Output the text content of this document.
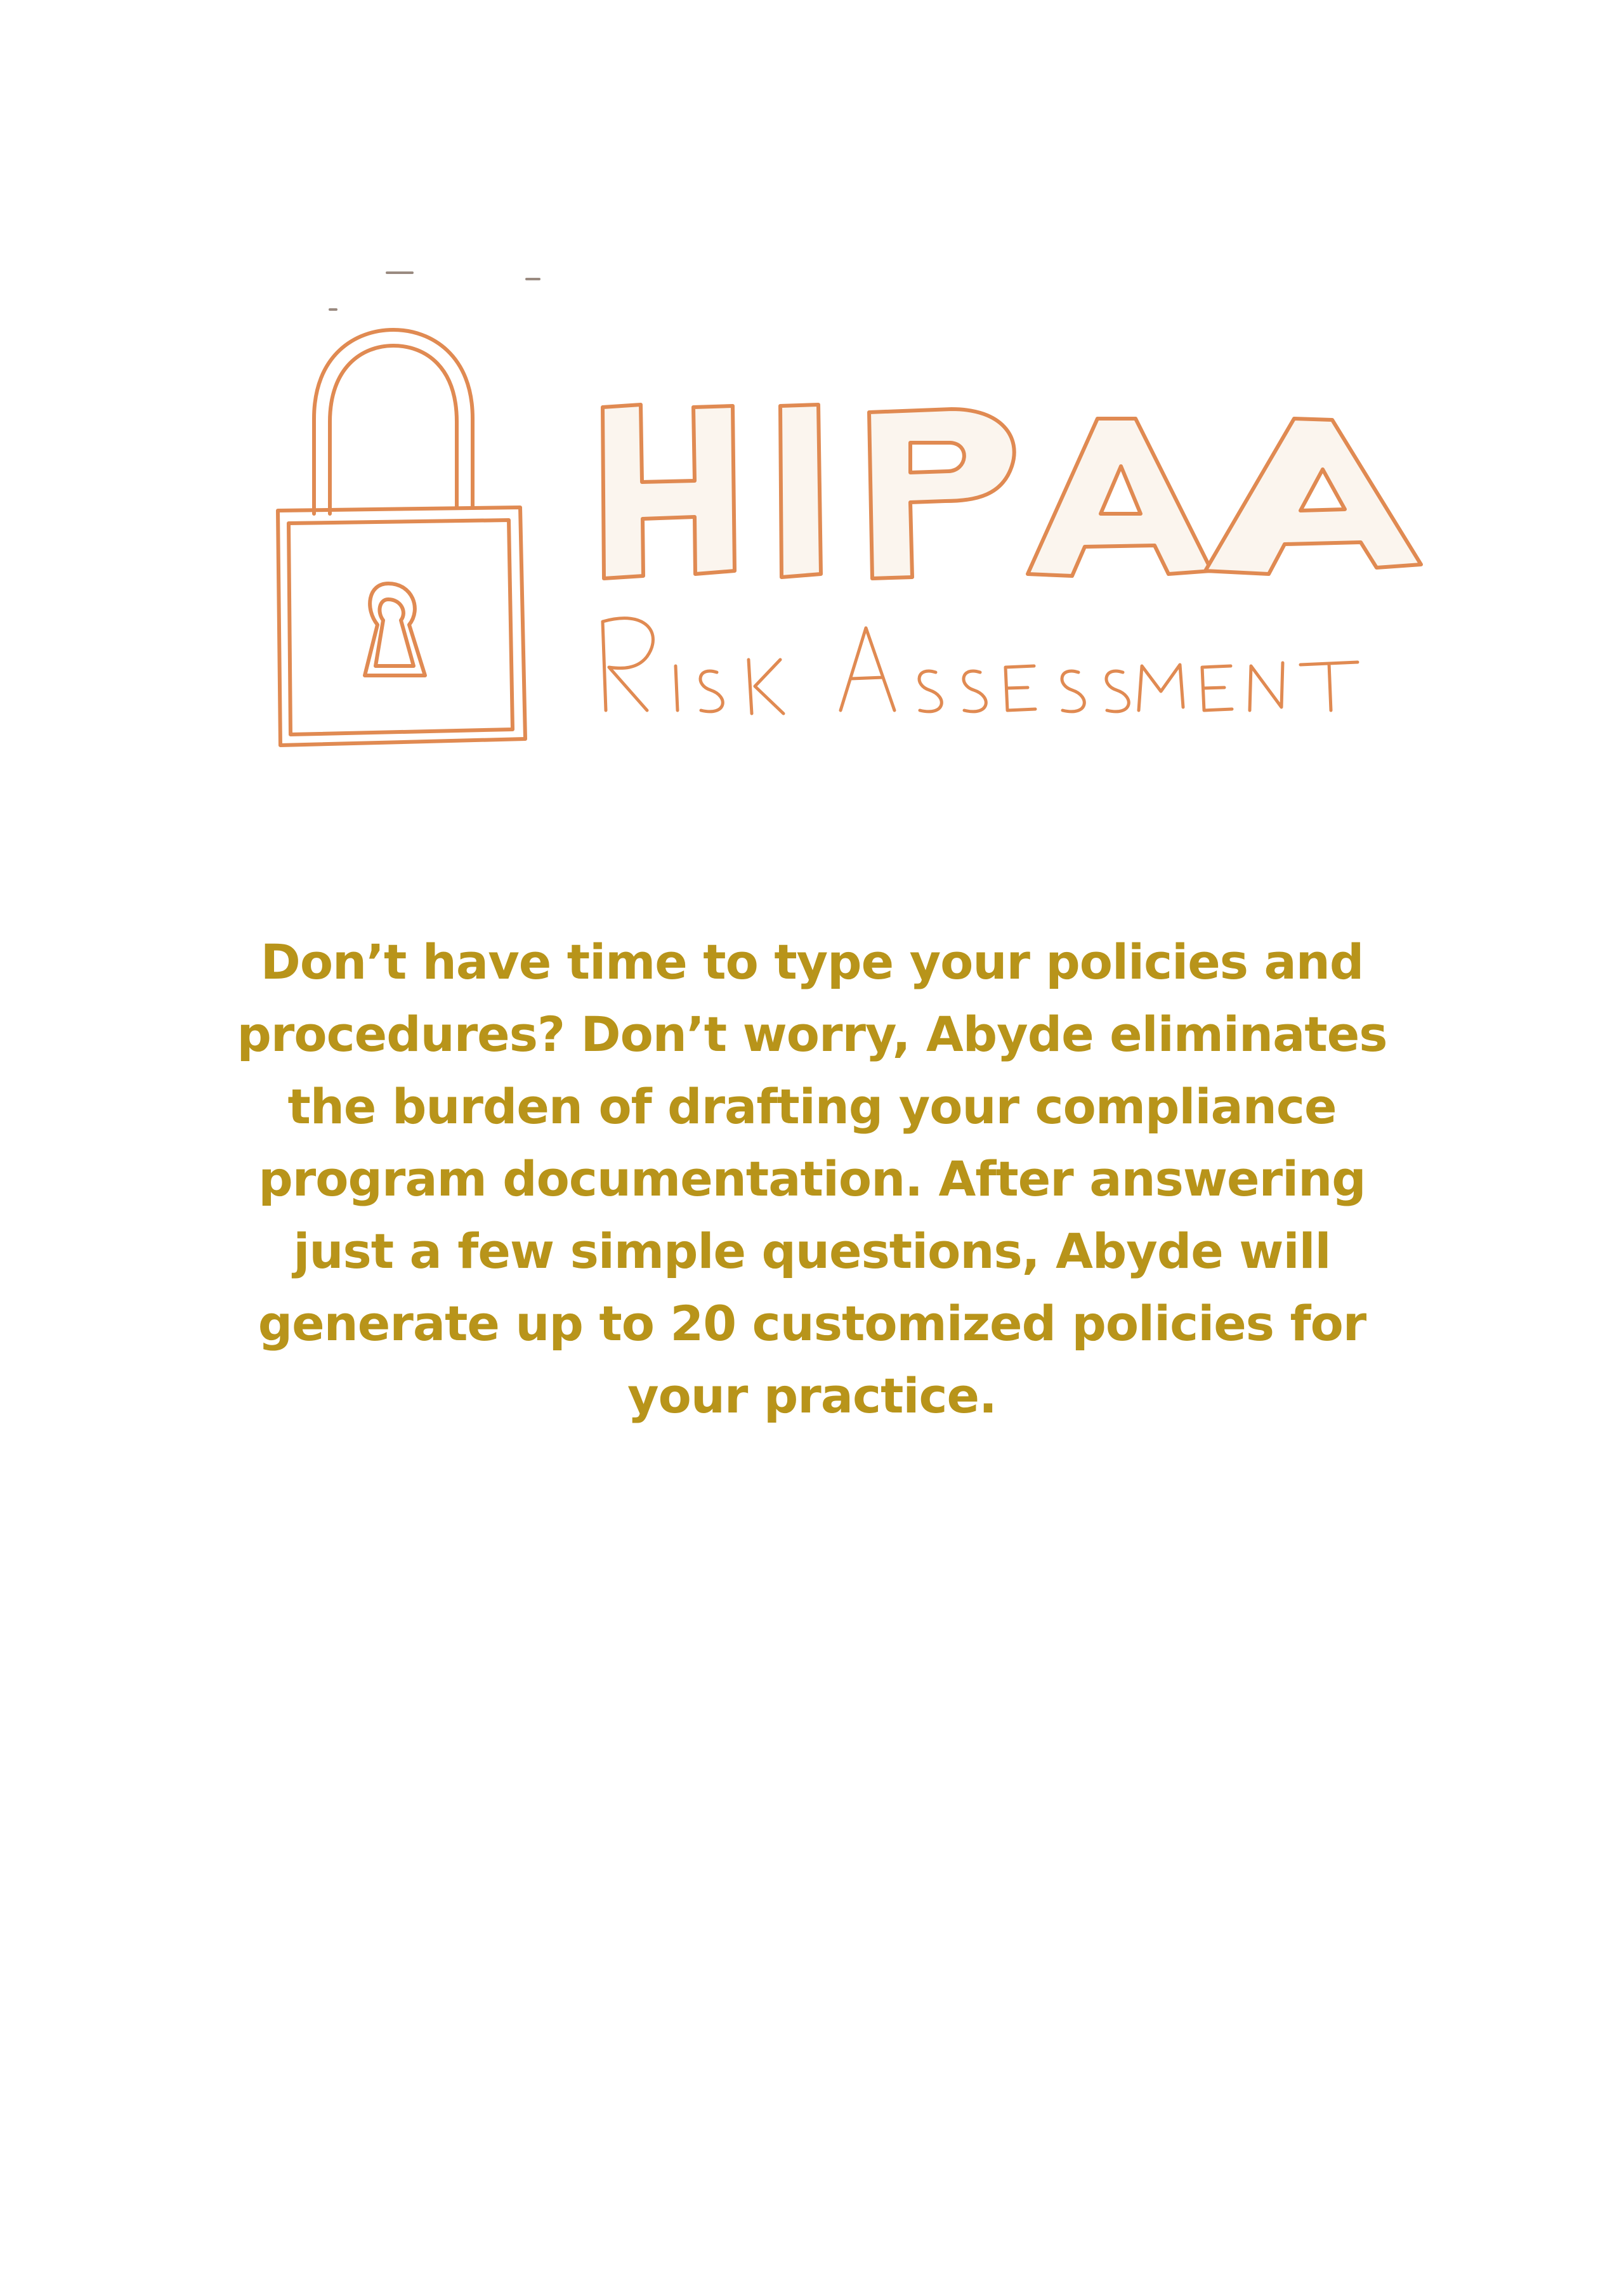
Don’t have time to type your policies and
procedures? Don’t worry, Abyde eliminates
the burden of drafting your compliance
program documentation. After answering
just a few simple questions, Abyde will
generate up to 20 customized policies for
your practice.
